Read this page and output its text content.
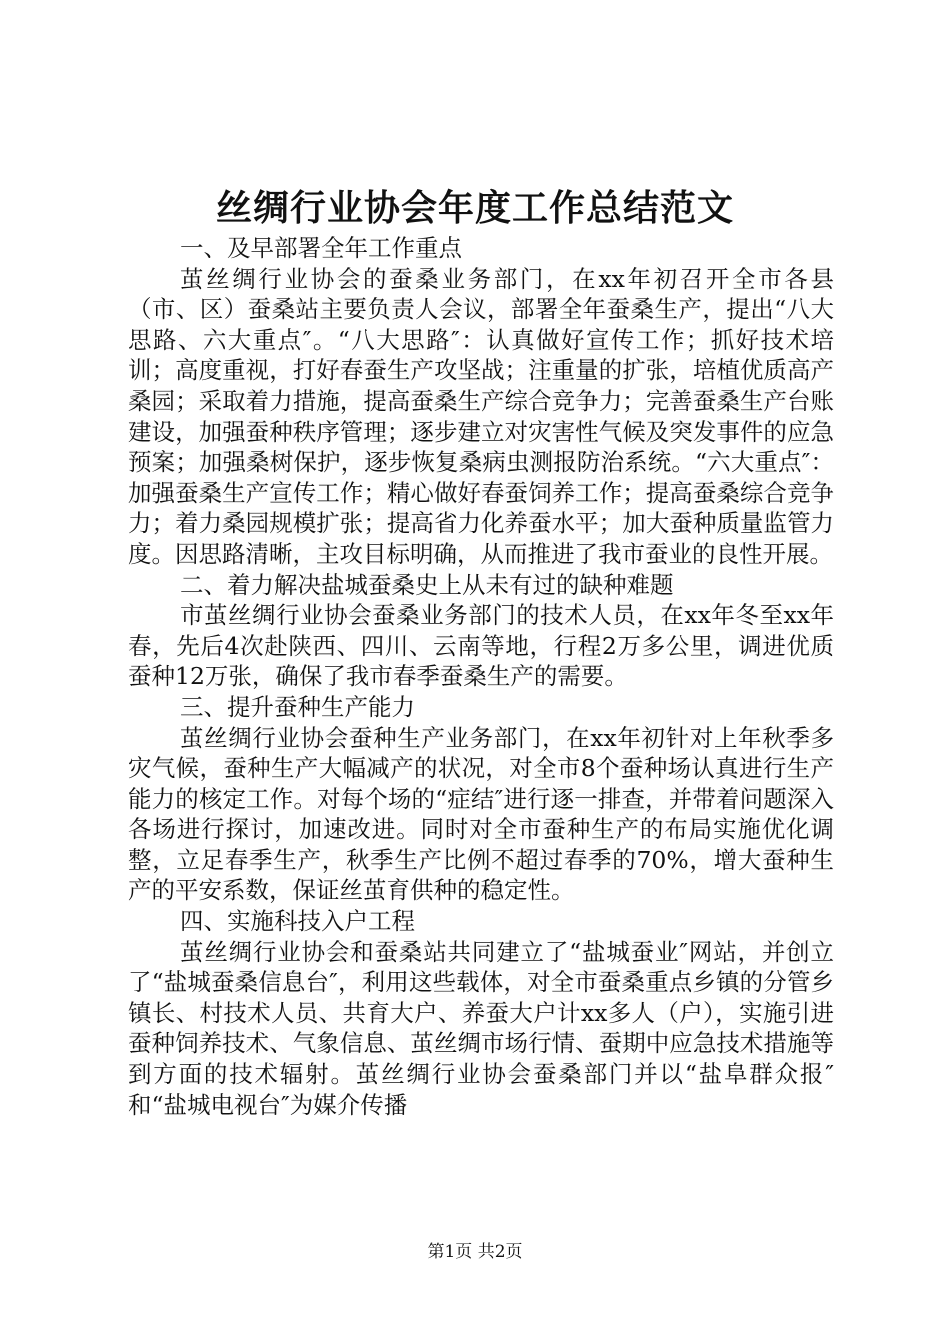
丝绸行业协会年度工作总结范文

一、及早部署全年工作重点

茧丝绸行业协会的蚕桑业务部门，在xx年初召开全市各县（市、区）蚕桑站主要负责人会议，部署全年蚕桑生产，提出“八大思路、六大重点″。“八大思路″：认真做好宣传工作；抓好技术培训；高度重视，打好春蚕生产攻坚战；注重量的扩张，培植优质高产桑园；采取着力措施，提高蚕桑生产综合竞争力；完善蚕桑生产台账建设，加强蚕种秩序管理；逐步建立对灾害性气候及突发事件的应急预案；加强桑树保护，逐步恢复桑病虫测报防治系统。“六大重点″：加强蚕桑生产宣传工作；精心做好春蚕饲养工作；提高蚕桑综合竞争力；着力桑园规模扩张；提高省力化养蚕水平；加大蚕种质量监管力度。因思路清晰，主攻目标明确，从而推进了我市蚕业的良性开展。

二、着力解决盐城蚕桑史上从未有过的缺种难题

市茧丝绸行业协会蚕桑业务部门的技术人员，在xx年冬至xx年春，先后4次赴陕西、四川、云南等地，行程2万多公里，调进优质蚕种12万张，确保了我市春季蚕桑生产的需要。

三、提升蚕种生产能力

茧丝绸行业协会蚕种生产业务部门，在xx年初针对上年秋季多灾气候，蚕种生产大幅减产的状况，对全市8个蚕种场认真进行生产能力的核定工作。对每个场的“症结″进行逐一排查，并带着问题深入各场进行探讨，加速改进。同时对全市蚕种生产的布局实施优化调整，立足春季生产，秋季生产比例不超过春季的70%，增大蚕种生产的平安系数，保证丝茧育供种的稳定性。

四、实施科技入户工程

茧丝绸行业协会和蚕桑站共同建立了“盐城蚕业″网站，并创立了“盐城蚕桑信息台″，利用这些载体，对全市蚕桑重点乡镇的分管乡镇长、村技术人员、共育大户、养蚕大户计xx多人（户），实施引进蚕种饲养技术、气象信息、茧丝绸市场行情、蚕期中应急技术措施等到方面的技术辐射。茧丝绸行业协会蚕桑部门并以“盐阜群众报″和“盐城电视台″为媒介传播

第1页 共2页
